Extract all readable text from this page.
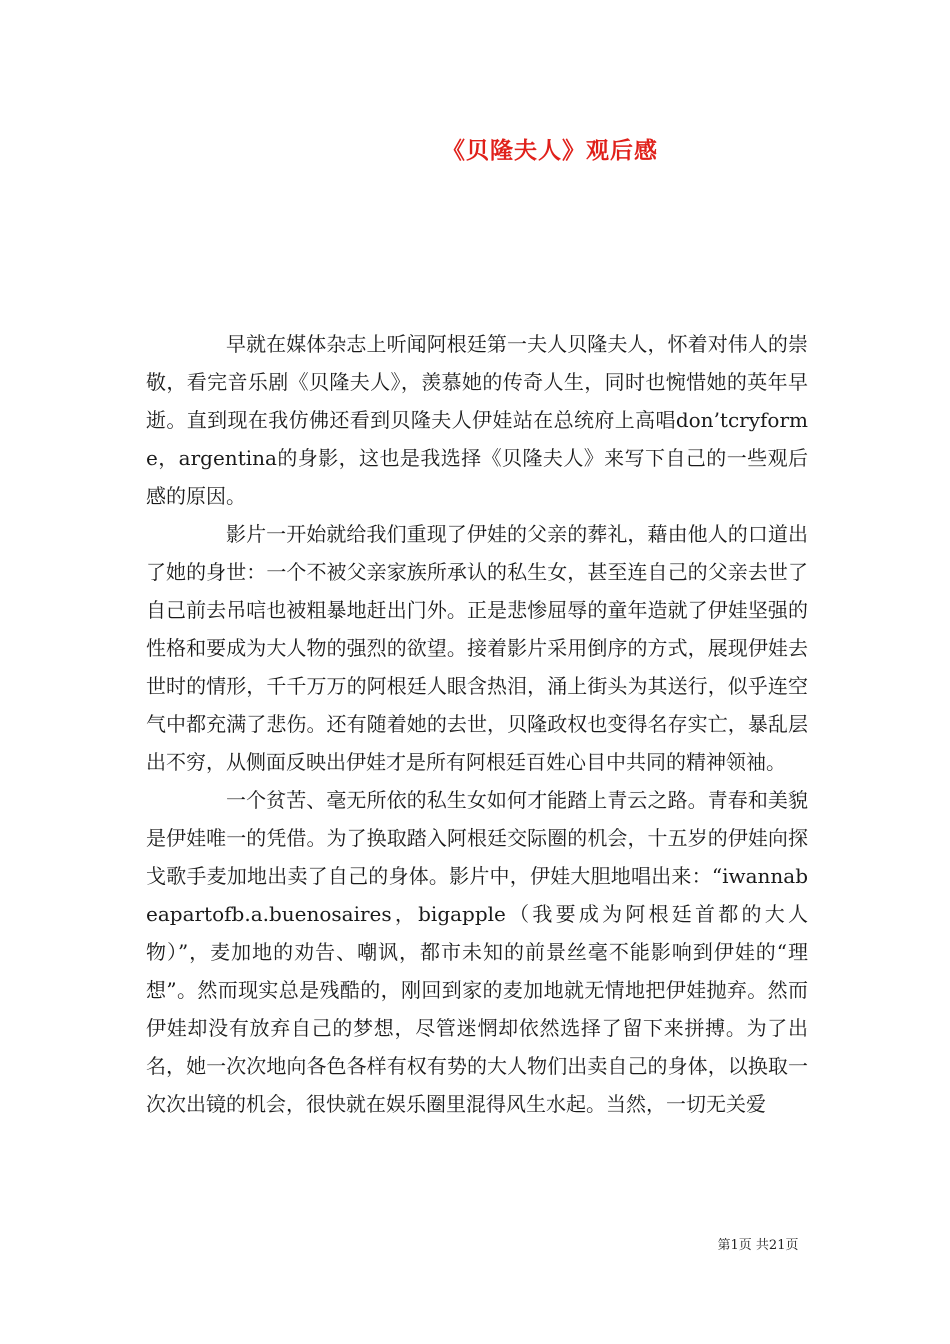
《贝隆夫人》观后感

早就在媒体杂志上听闻阿根廷第一夫人贝隆夫人，怀着对伟人的崇敬，看完音乐剧《贝隆夫人》，羡慕她的传奇人生，同时也惋惜她的英年早逝。直到现在我仿佛还看到贝隆夫人伊娃站在总统府上高唱don’tcryforme，argentina的身影，这也是我选择《贝隆夫人》来写下自己的一些观后感的原因。

影片一开始就给我们重现了伊娃的父亲的葬礼，藉由他人的口道出了她的身世：一个不被父亲家族所承认的私生女，甚至连自己的父亲去世了自己前去吊唁也被粗暴地赶出门外。正是悲惨屈辱的童年造就了伊娃坚强的性格和要成为大人物的强烈的欲望。接着影片采用倒序的方式，展现伊娃去世时的情形，千千万万的阿根廷人眼含热泪，涌上街头为其送行，似乎连空气中都充满了悲伤。还有随着她的去世，贝隆政权也变得名存实亡，暴乱层出不穷，从侧面反映出伊娃才是所有阿根廷百姓心目中共同的精神领袖。

一个贫苦、毫无所依的私生女如何才能踏上青云之路。青春和美貌是伊娃唯一的凭借。为了换取踏入阿根廷交际圈的机会，十五岁的伊娃向探戈歌手麦加地出卖了自己的身体。影片中，伊娃大胆地唱出来：“iwannabeapartofb.a.buenosaires，bigapple（我要成为阿根廷首都的大人物）”，麦加地的劝告、嘲讽，都市未知的前景丝毫不能影响到伊娃的“理想”。然而现实总是残酷的，刚回到家的麦加地就无情地把伊娃抛弃。然而伊娃却没有放弃自己的梦想，尽管迷惘却依然选择了留下来拼搏。为了出名，她一次次地向各色各样有权有势的大人物们出卖自己的身体，以换取一次次出镜的机会，很快就在娱乐圈里混得风生水起。当然，一切无关爱

第1页 共21页
